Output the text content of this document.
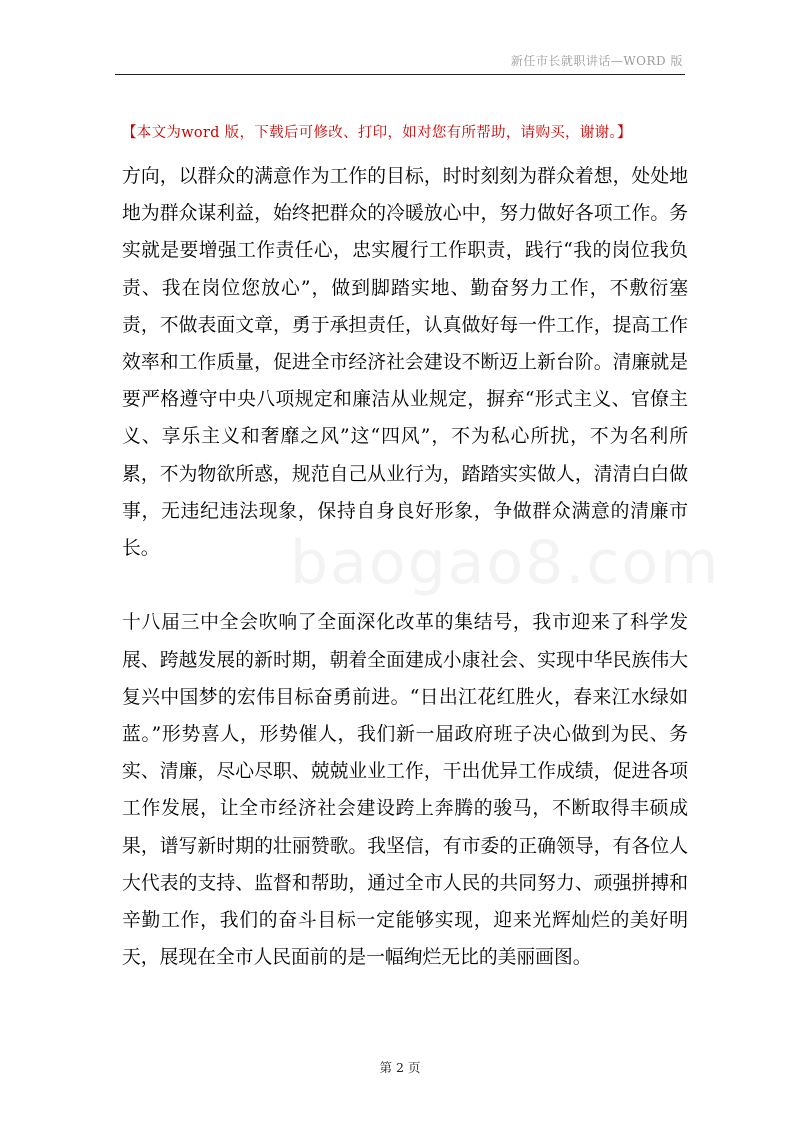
新任市长就职讲话—WORD 版
【本文为word 版，下载后可修改、打印，如对您有所帮助，请购买，谢谢。】

方向，以群众的满意作为工作的目标，时时刻刻为群众着想，处处地地为群众谋利益，始终把群众的冷暖放心中，努力做好各项工作。务实就是要增强工作责任心，忠实履行工作职责，践行“我的岗位我负责、我在岗位您放心”，做到脚踏实地、勤奋努力工作，不敷衍塞责，不做表面文章，勇于承担责任，认真做好每一件工作，提高工作效率和工作质量，促进全市经济社会建设不断迈上新台阶。清廉就是要严格遵守中央八项规定和廉洁从业规定，摒弃“形式主义、官僚主义、享乐主义和奢靡之风”这“四风”，不为私心所扰，不为名利所累，不为物欲所惑，规范自己从业行为，踏踏实实做人，清清白白做事，无违纪违法现象，保持自身良好形象，争做群众满意的清廉市长。

十八届三中全会吹响了全面深化改革的集结号，我市迎来了科学发展、跨越发展的新时期，朝着全面建成小康社会、实现中华民族伟大复兴中国梦的宏伟目标奋勇前进。“日出江花红胜火，春来江水绿如蓝。”形势喜人，形势催人，我们新一届政府班子决心做到为民、务实、清廉，尽心尽职、兢兢业业工作，干出优异工作成绩，促进各项工作发展，让全市经济社会建设跨上奔腾的骏马，不断取得丰硕成果，谱写新时期的壮丽赞歌。我坚信，有市委的正确领导，有各位人大代表的支持、监督和帮助，通过全市人民的共同努力、顽强拼搏和辛勤工作，我们的奋斗目标一定能够实现，迎来光辉灿烂的美好明天，展现在全市人民面前的是一幅绚烂无比的美丽画图。

第 2 页
